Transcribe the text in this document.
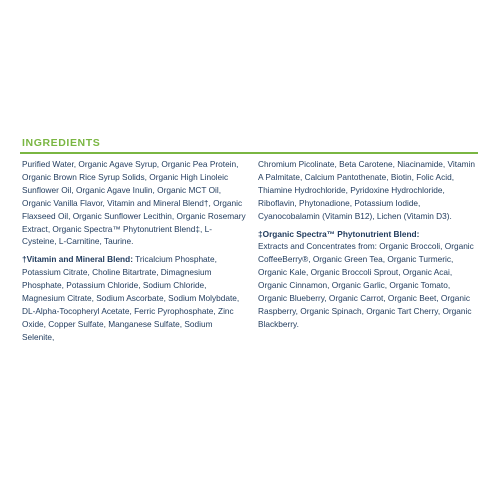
INGREDIENTS

Purified Water, Organic Agave Syrup, Organic Pea Protein, Organic Brown Rice Syrup Solids, Organic High Linoleic Sunflower Oil, Organic Agave Inulin, Organic MCT Oil, Organic Vanilla Flavor, Vitamin and Mineral Blend†, Organic Flaxseed Oil, Organic Sunflower Lecithin, Organic Rosemary Extract, Organic Spectra™ Phytonutrient Blend‡, L-Cysteine, L-Carnitine, Taurine.

†Vitamin and Mineral Blend: Tricalcium Phosphate, Potassium Citrate, Choline Bitartrate, Dimagnesium Phosphate, Potassium Chloride, Sodium Chloride, Magnesium Citrate, Sodium Ascorbate, Sodium Molybdate, DL-Alpha-Tocopheryl Acetate, Ferric Pyrophosphate, Zinc Oxide, Copper Sulfate, Manganese Sulfate, Sodium Selenite,

Chromium Picolinate, Beta Carotene, Niacinamide, Vitamin A Palmitate, Calcium Pantothenate, Biotin, Folic Acid, Thiamine Hydrochloride, Pyridoxine Hydrochloride, Riboflavin, Phytonadione, Potassium Iodide, Cyanocobalamin (Vitamin B12), Lichen (Vitamin D3).

‡Organic Spectra™ Phytonutrient Blend:
Extracts and Concentrates from: Organic Broccoli, Organic CoffeeBerry®, Organic Green Tea, Organic Turmeric, Organic Kale, Organic Broccoli Sprout, Organic Acai, Organic Cinnamon, Organic Garlic, Organic Tomato, Organic Blueberry, Organic Carrot, Organic Beet, Organic Raspberry, Organic Spinach, Organic Tart Cherry, Organic Blackberry.
